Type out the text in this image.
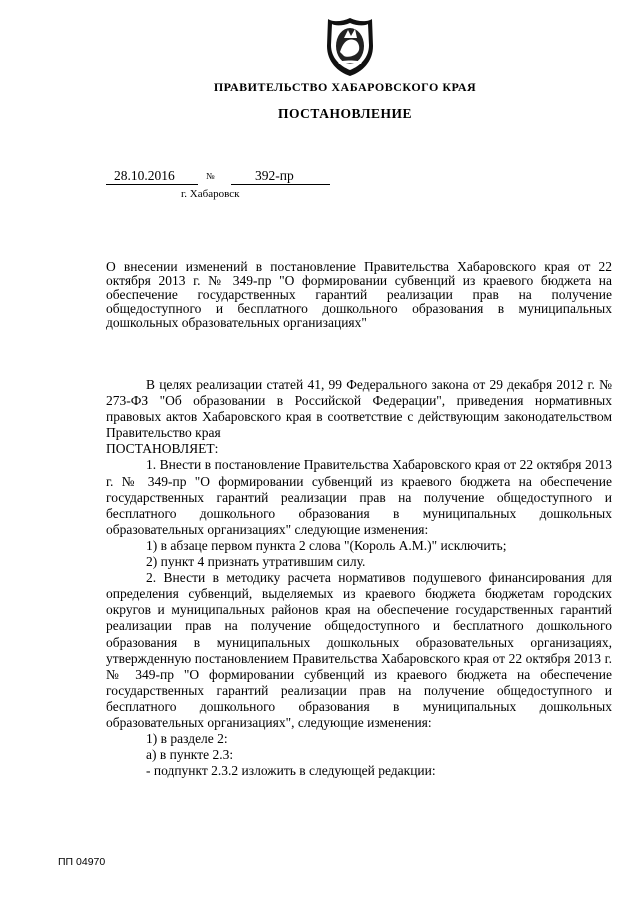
ПРАВИТЕЛЬСТВО ХАБАРОВСКОГО КРАЯ
ПОСТАНОВЛЕНИЕ
28.10.2016	№	392-пр
г. Хабаровск
О внесении изменений в постановление Правительства Хабаровского края от 22 октября 2013 г. № 349-пр "О формировании субвенций из краевого бюджета на обеспечение государственных гарантий реализации прав на получение общедоступного и бесплатного дошкольного образования в муниципальных дошкольных образовательных организациях"

В целях реализации статей 41, 99 Федерального закона от 29 декабря 2012 г. № 273-ФЗ "Об образовании в Российской Федерации", приведения нормативных правовых актов Хабаровского края в соответствие с действующим законодательством Правительство края

ПОСТАНОВЛЯЕТ:

1. Внести в постановление Правительства Хабаровского края от 22 октября 2013 г. № 349-пр "О формировании субвенций из краевого бюджета на обеспечение государственных гарантий реализации прав на получение общедоступного и бесплатного дошкольного образования в муниципальных дошкольных образовательных организациях" следующие изменения:

1) в абзаце первом пункта 2 слова "(Король А.М.)" исключить;

2) пункт 4 признать утратившим силу.

2. Внести в методику расчета нормативов подушевого финансирования для определения субвенций, выделяемых из краевого бюджета бюджетам городских округов и муниципальных районов края на обеспечение государственных гарантий реализации прав на получение общедоступного и бесплатного дошкольного образования в муниципальных дошкольных образовательных организациях, утвержденную постановлением Правительства Хабаровского края от 22 октября 2013 г. № 349-пр "О формировании субвенций из краевого бюджета на обеспечение государственных гарантий реализации прав на получение общедоступного и бесплатного дошкольного образования в муниципальных дошкольных образовательных организациях", следующие изменения:

1) в разделе 2:

а) в пункте 2.3:

- подпункт 2.3.2 изложить в следующей редакции:

ПП 04970
